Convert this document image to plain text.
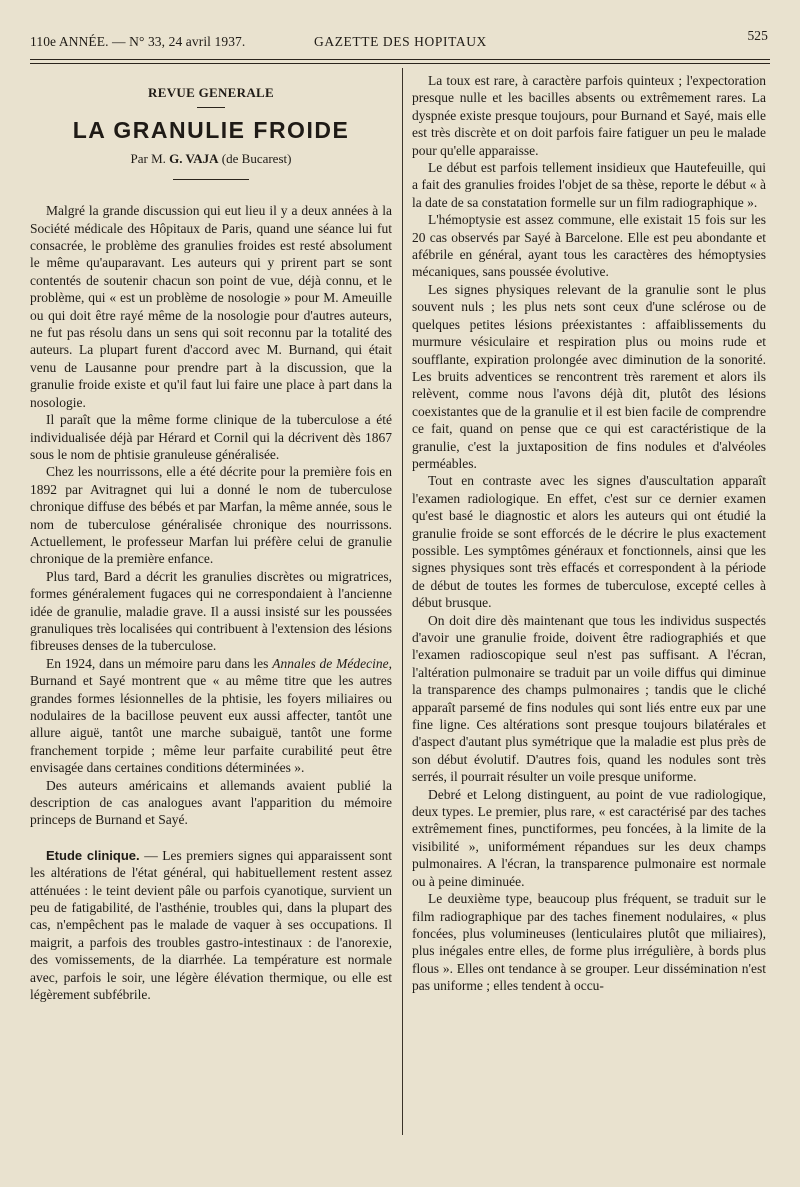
110e ANNÉE. — N° 33, 24 avril 1937.	GAZETTE DES HOPITAUX	525
REVUE GENERALE
LA GRANULIE FROIDE
Par M. G. VAJA (de Bucarest)

Malgré la grande discussion qui eut lieu il y a deux années à la Société médicale des Hôpitaux de Paris, quand une séance lui fut consacrée, le problème des granulies froides est resté absolument le même qu'auparavant. Les auteurs qui y prirent part se sont contentés de soutenir chacun son point de vue, déjà connu, et le problème, qui « est un problème de nosologie » pour M. Ameuille ou qui doit être rayé même de la nosologie pour d'autres auteurs, ne fut pas résolu dans un sens qui soit reconnu par la totalité des auteurs. La plupart furent d'accord avec M. Burnand, qui était venu de Lausanne pour prendre part à la discussion, que la granulie froide existe et qu'il faut lui faire une place à part dans la nosologie.

Il paraît que la même forme clinique de la tuberculose a été individualisée déjà par Hérard et Cornil qui la décrivent dès 1867 sous le nom de phtisie granuleuse généralisée.

Chez les nourrissons, elle a été décrite pour la première fois en 1892 par Avitragnet qui lui a donné le nom de tuberculose chronique diffuse des bébés et par Marfan, la même année, sous le nom de tuberculose généralisée chronique des nourrissons. Actuellement, le professeur Marfan lui préfère celui de granulie chronique de la première enfance.

Plus tard, Bard a décrit les granulies discrètes ou migratrices, formes généralement fugaces qui ne correspondaient à l'ancienne idée de granulie, maladie grave. Il a aussi insisté sur les poussées granuliques très localisées qui contribuent à l'extension des lésions fibreuses denses de la tuberculose.

En 1924, dans un mémoire paru dans les Annales de Médecine, Burnand et Sayé montrent que « au même titre que les autres grandes formes lésionnelles de la phtisie, les foyers miliaires ou nodulaires de la bacillose peuvent eux aussi affecter, tantôt une allure aiguë, tantôt une marche subaiguë, tantôt une forme franchement torpide ; même leur parfaite curabilité peut être envisagée dans certaines conditions déterminées ».

Des auteurs américains et allemands avaient publié la description de cas analogues avant l'apparition du mémoire princeps de Burnand et Sayé.

Etude clinique. — Les premiers signes qui apparaissent sont les altérations de l'état général, qui habituellement restent assez atténuées : le teint devient pâle ou parfois cyanotique, survient un peu de fatigabilité, de l'asthénie, troubles qui, dans la plupart des cas, n'empêchent pas le malade de vaquer à ses occupations. Il maigrit, a parfois des troubles gastro-intestinaux : de l'anorexie, des vomissements, de la diarrhée. La température est normale avec, parfois le soir, une légère élévation thermique, ou elle est légèrement subfébrile.

La toux est rare, à caractère parfois quinteux ; l'expectoration presque nulle et les bacilles absents ou extrêmement rares. La dyspnée existe presque toujours, pour Burnand et Sayé, mais elle est très discrète et on doit parfois faire fatiguer un peu le malade pour qu'elle apparaisse.

Le début est parfois tellement insidieux que Hautefeuille, qui a fait des granulies froides l'objet de sa thèse, reporte le début « à la date de sa constatation formelle sur un film radiographique ».

L'hémoptysie est assez commune, elle existait 15 fois sur les 20 cas observés par Sayé à Barcelone. Elle est peu abondante et afébrile en général, ayant tous les caractères des hémoptysies mécaniques, sans poussée évolutive.

Les signes physiques relevant de la granulie sont le plus souvent nuls ; les plus nets sont ceux d'une sclérose ou de quelques petites lésions préexistantes : affaiblissements du murmure vésiculaire et respiration plus ou moins rude et soufflante, expiration prolongée avec diminution de la sonorité. Les bruits adventices se rencontrent très rarement et alors ils relèvent, comme nous l'avons déjà dit, plutôt des lésions coexistantes que de la granulie et il est bien facile de comprendre ce fait, quand on pense que ce qui est caractéristique de la granulie, c'est la juxtaposition de fins nodules et d'alvéoles perméables.

Tout en contraste avec les signes d'auscultation apparaît l'examen radiologique. En effet, c'est sur ce dernier examen qu'est basé le diagnostic et alors les auteurs qui ont étudié la granulie froide se sont efforcés de le décrire le plus exactement possible. Les symptômes généraux et fonctionnels, ainsi que les signes physiques sont très effacés et correspondent à la période de début de toutes les formes de tuberculose, excepté celles à début brusque.

On doit dire dès maintenant que tous les individus suspectés d'avoir une granulie froide, doivent être radiographiés et que l'examen radioscopique seul n'est pas suffisant. A l'écran, l'altération pulmonaire se traduit par un voile diffus qui diminue la transparence des champs pulmonaires ; tandis que le cliché apparaît parsemé de fins nodules qui sont liés entre eux par une fine ligne. Ces altérations sont presque toujours bilatérales et d'aspect d'autant plus symétrique que la maladie est plus près de son début évolutif. D'autres fois, quand les nodules sont très serrés, il pourrait résulter un voile presque uniforme.

Debré et Lelong distinguent, au point de vue radiologique, deux types. Le premier, plus rare, « est caractérisé par des taches extrêmement fines, punctiformes, peu foncées, à la limite de la visibilité », uniformément répandues sur les deux champs pulmonaires. A l'écran, la transparence pulmonaire est normale ou à peine diminuée.

Le deuxième type, beaucoup plus fréquent, se traduit sur le film radiographique par des taches finement nodulaires, « plus foncées, plus volumineuses (lenticulaires plutôt que miliaires), plus inégales entre elles, de forme plus irrégulière, à bords plus flous ». Elles ont tendance à se grouper. Leur dissémination n'est pas uniforme ; elles tendent à occu-
